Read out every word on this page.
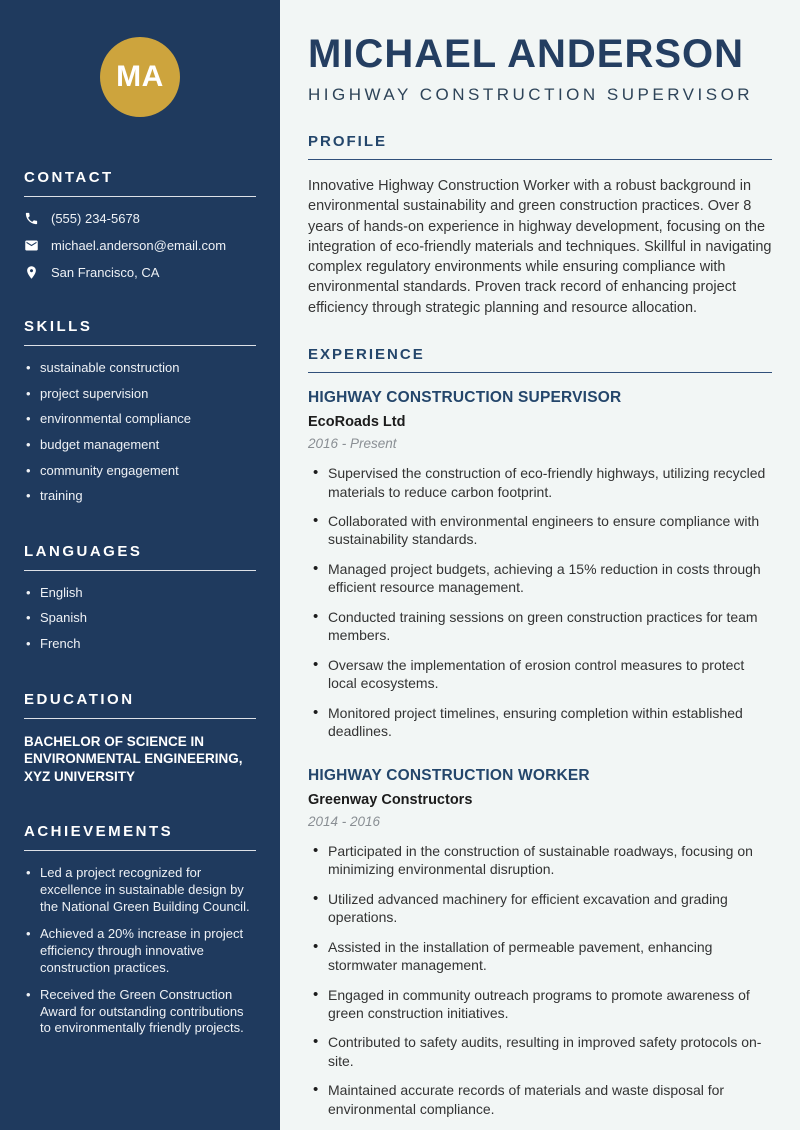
MA
CONTACT
(555) 234-5678
michael.anderson@email.com
San Francisco, CA
SKILLS
• sustainable construction
• project supervision
• environmental compliance
• budget management
• community engagement
• training
LANGUAGES
• English
• Spanish
• French
EDUCATION
BACHELOR OF SCIENCE IN ENVIRONMENTAL ENGINEERING, XYZ UNIVERSITY
ACHIEVEMENTS
• Led a project recognized for excellence in sustainable design by the National Green Building Council.
• Achieved a 20% increase in project efficiency through innovative construction practices.
• Received the Green Construction Award for outstanding contributions to environmentally friendly projects.
MICHAEL ANDERSON
HIGHWAY CONSTRUCTION SUPERVISOR
PROFILE

Innovative Highway Construction Worker with a robust background in environmental sustainability and green construction practices. Over 8 years of hands-on experience in highway development, focusing on the integration of eco-friendly materials and techniques. Skillful in navigating complex regulatory environments while ensuring compliance with environmental standards. Proven track record of enhancing project efficiency through strategic planning and resource allocation.

EXPERIENCE
HIGHWAY CONSTRUCTION SUPERVISOR
EcoRoads Ltd
2016 - Present
• Supervised the construction of eco-friendly highways, utilizing recycled materials to reduce carbon footprint.
• Collaborated with environmental engineers to ensure compliance with sustainability standards.
• Managed project budgets, achieving a 15% reduction in costs through efficient resource management.
• Conducted training sessions on green construction practices for team members.
• Oversaw the implementation of erosion control measures to protect local ecosystems.
• Monitored project timelines, ensuring completion within established deadlines.
HIGHWAY CONSTRUCTION WORKER
Greenway Constructors
2014 - 2016
• Participated in the construction of sustainable roadways, focusing on minimizing environmental disruption.
• Utilized advanced machinery for efficient excavation and grading operations.
• Assisted in the installation of permeable pavement, enhancing stormwater management.
• Engaged in community outreach programs to promote awareness of green construction initiatives.
• Contributed to safety audits, resulting in improved safety protocols on-site.
• Maintained accurate records of materials and waste disposal for environmental compliance.
